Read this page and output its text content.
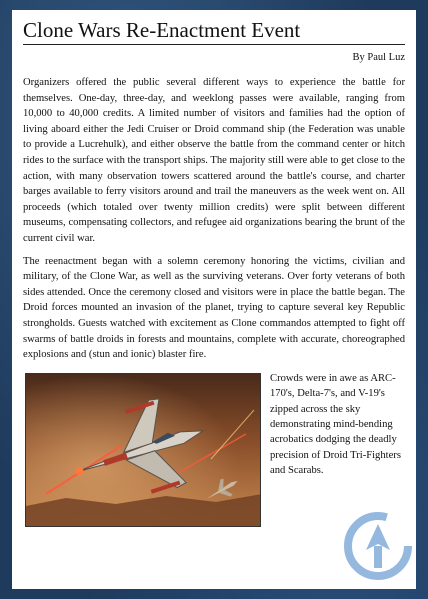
Clone Wars Re-Enactment Event
By Paul Luz

Organizers offered the public several different ways to experience the battle for themselves. One-day, three-day, and weeklong passes were available, ranging from 10,000 to 40,000 credits. A limited number of visitors and families had the option of living aboard either the Jedi Cruiser or Droid command ship (the Federation was unable to provide a Lucrehulk), and either observe the battle from the command center or hitch rides to the surface with the transport ships. The majority still were able to get close to the action, with many observation towers scattered around the battle's course, and charter barges available to ferry visitors around and trail the maneuvers as the week went on. All proceeds (which totaled over twenty million credits) were split between different museums, compensating collectors, and refugee aid organizations bearing the brunt of the current civil war.

The reenactment began with a solemn ceremony honoring the victims, civilian and military, of the Clone War, as well as the surviving veterans. Over forty veterans of both sides attended. Once the ceremony closed and visitors were in place the battle began. The Droid forces mounted an invasion of the planet, trying to capture several key Republic strongholds. Guests watched with excitement as Clone commandos attempted to fight off swarms of battle droids in forests and mountains, complete with accurate, choreographed explosions and (stun and ionic) blaster fire.

Crowds were in awe as ARC-170's, Delta-7's, and V-19's zipped across the sky demonstrating mind-bending acrobatics dodging the deadly precision of Droid Tri-Fighters and Scarabs.
